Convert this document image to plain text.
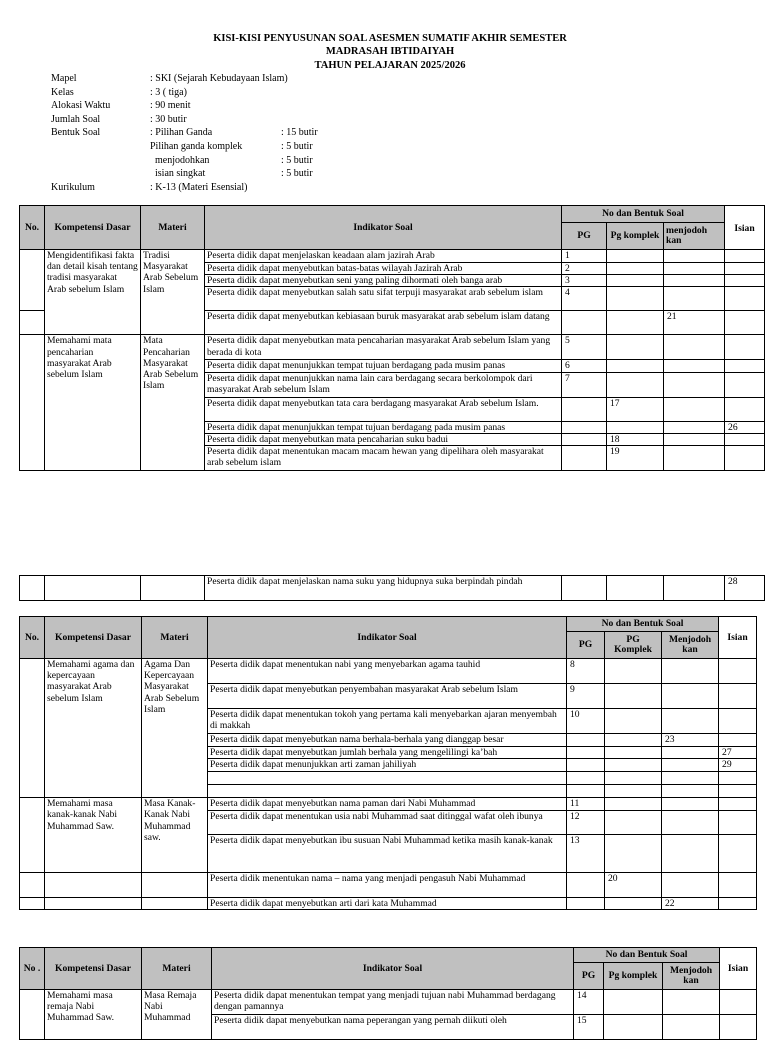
KISI-KISI PENYUSUNAN SOAL ASESMEN SUMATIF AKHIR SEMESTER
MADRASAH IBTIDAIYAH
TAHUN PELAJARAN 2025/2026
Mapel	: SKI (Sejarah Kebudayaan Islam)
Kelas	: 3 ( tiga)
Alokasi Waktu	: 90 menit
Jumlah Soal	: 30 butir
Bentuk Soal	: Pilihan Ganda	: 15 butir
Pilihan ganda komplek	: 5 butir
menjodohkan	: 5 butir
isian singkat	: 5 butir
Kurikulum	: K-13 (Materi Esensial)
No.	Kompetensi Dasar	Materi	Indikator Soal	No dan Bentuk Soal			
				PG	Pg komplek	menjodoh kan	Isian
	Mengidentifikasi fakta dan detail kisah tentang tradisi masyarakat Arab sebelum Islam	Tradisi Masyarakat Arab Sebelum Islam	Peserta didik dapat menjelaskan keadaan alam jazirah Arab	1			
			Peserta didik dapat menyebutkan batas-batas wilayah Jazirah Arab	2			
			Peserta didik dapat menyebutkan seni yang paling dihormati oleh banga arab	3			
			Peserta didik dapat menyebutkan salah satu sifat terpuji masyarakat arab sebelum islam	4			
			Peserta didik dapat menyebutkan kebiasaan buruk masyarakat arab sebelum islam datang			21	
	Memahami mata pencaharian masyarakat Arab sebelum Islam	Mata Pencaharian Masyarakat Arab Sebelum Islam	Peserta didik dapat menyebutkan mata pencaharian masyarakat Arab sebelum Islam yang berada di kota	5			
			Peserta didik dapat menunjukkan tempat tujuan berdagang pada musim panas	6			
			Peserta didik dapat menunjukkan nama lain cara berdagang secara berkolompok dari masyarakat Arab sebelum Islam	7			
			Peserta didik dapat menyebutkan tata cara berdagang masyarakat Arab sebelum Islam.		17		
			Peserta didik dapat menunjukkan tempat tujuan berdagang pada musim panas				26
			Peserta didik dapat menyebutkan mata pencaharian suku badui		18		
			Peserta didik dapat menentukan macam macam hewan yang dipelihara oleh masyarakat arab sebelum islam		19		
			Peserta didik dapat menjelaskan nama suku yang hidupnya suka berpindah pindah				28
No.	Kompetensi Dasar	Materi	Indikator Soal	No dan Bentuk Soal			
				PG	PG Komplek	Menjodoh kan	Isian
	Memahami agama dan kepercayaan masyarakat Arab sebelum Islam	Agama Dan Kepercayaan Masyarakat Arab Sebelum Islam	Peserta didik dapat menentukan nabi yang menyebarkan agama tauhid	8			
			Peserta didik dapat menyebutkan penyembahan masyarakat Arab sebelum Islam	9			
			Peserta didik dapat menentukan tokoh yang pertama kali menyebarkan ajaran menyembah di makkah	10			
			Peserta didik dapat menyebutkan nama berhala-berhala yang dianggap besar			23	
			Peserta didik dapat menyebutkan jumlah berhala yang mengelilingi ka’bah				27
			Peserta didik dapat menunjukkan arti zaman jahiliyah				29

	Memahami masa kanak-kanak Nabi Muhammad Saw.	Masa Kanak-Kanak Nabi Muhammad saw.	Peserta didik dapat menyebutkan nama paman dari Nabi Muhammad	11			
			Peserta didik dapat menentukan usia nabi Muhammad saat ditinggal wafat oleh ibunya	12			
			Peserta didik dapat menyebutkan ibu susuan Nabi Muhammad ketika masih kanak-kanak	13			
			Peserta didik menentukan nama – nama yang menjadi pengasuh Nabi Muhammad		20		
			Peserta didik dapat menyebutkan arti dari kata Muhammad			22	
No .	Kompetensi Dasar	Materi	Indikator Soal	No dan Bentuk Soal			
				PG	Pg komplek	Menjodoh kan	Isian
	Memahami masa remaja Nabi Muhammad Saw.	Masa Remaja Nabi Muhammad	Peserta didik dapat menentukan tempat yang menjadi tujuan nabi Muhammad berdagang dengan pamannya	14			
			Peserta didik dapat menyebutkan nama peperangan yang pernah diikuti oleh	15			
